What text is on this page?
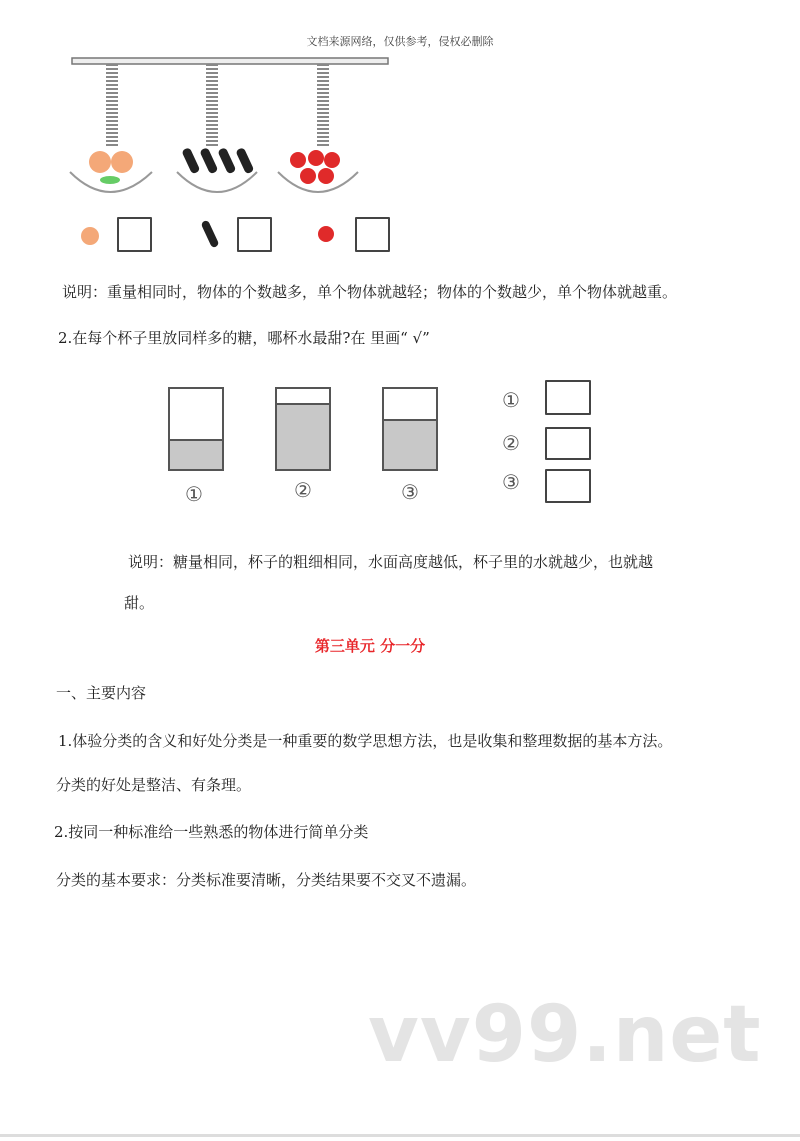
文档来源网络，仅供参考，侵权必删除
说明：重量相同时，物体的个数越多，单个物体就越轻；物体的个数越少，单个物体就越重。
2.在每个杯子里放同样多的糖，哪杯水最甜?在 里画“ √”
①	②	③
①
②
③
说明：糖量相同，杯子的粗细相同，水面高度越低，杯子里的水就越少，也就越
甜。
第三单元 分一分
一、主要内容
1.体验分类的含义和好处分类是一种重要的数学思想方法，也是收集和整理数据的基本方法。
分类的好处是整洁、有条理。
2.按同一种标准给一些熟悉的物体进行简单分类
分类的基本要求：分类标准要清晰，分类结果要不交叉不遗漏。
vv99.net
